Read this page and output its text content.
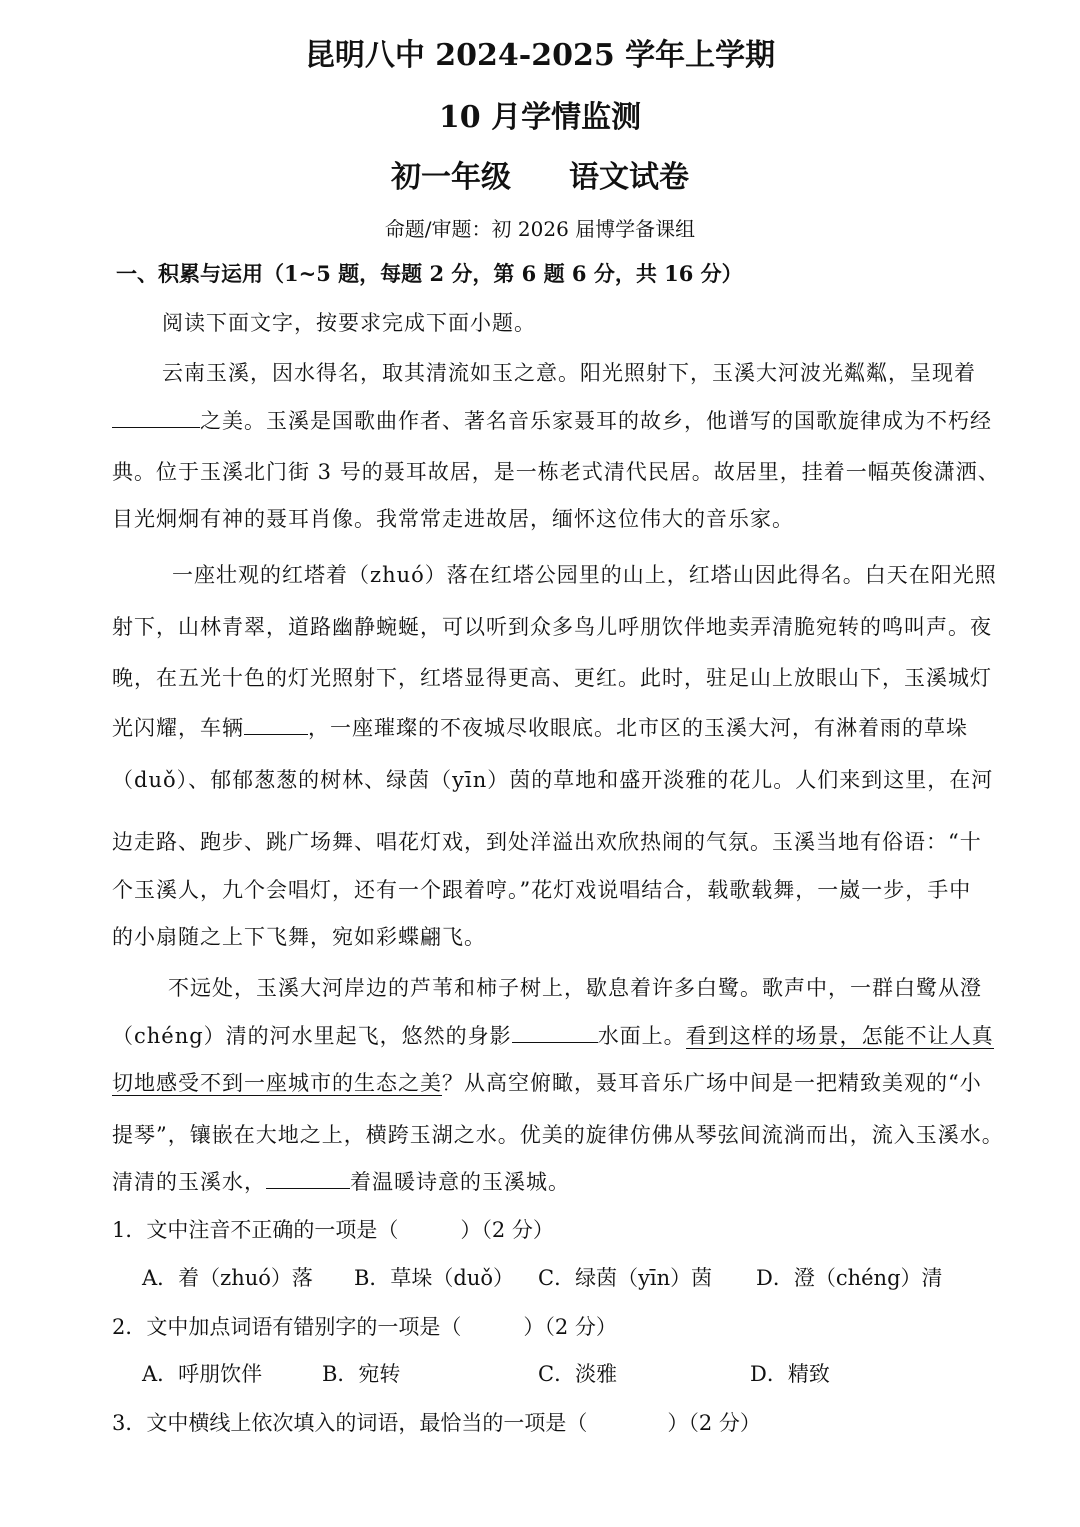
昆明八中 2024-2025 学年上学期
10 月学情监测
初一年级 语文试卷
命题/审题：初 2026 届博学备课组
一、积累与运用（1~5 题，每题 2 分，第 6 题 6 分，共 16 分）
阅读下面文字，按要求完成下面小题。
云南玉溪，因水得名，取其清流如玉之意。阳光照射下，玉溪大河波光粼粼，呈现着
之美。玉溪是国歌曲作者、著名音乐家聂耳的故乡，他谱写的国歌旋律成为不朽经
典。位于玉溪北门街 3 号的聂耳故居，是一栋老式清代民居。故居里，挂着一幅英俊潇洒、
目光炯炯有神的聂耳肖像。我常常走进故居，缅怀这位伟大的音乐家。
一座壮观的红塔着（zhuó）落在红塔公园里的山上，红塔山因此得名。白天在阳光照
射下，山林青翠，道路幽静蜿蜒，可以听到众多鸟儿呼朋饮伴地卖弄清脆宛转的鸣叫声。夜
晚，在五光十色的灯光照射下，红塔显得更高、更红。此时，驻足山上放眼山下，玉溪城灯
光闪耀，车辆	，一座璀璨的不夜城尽收眼底。北市区的玉溪大河，有淋着雨的草垛
（duǒ）、郁郁葱葱的树林、绿茵（yīn）茵的草地和盛开淡雅的花儿。人们来到这里，在河
边走路、跑步、跳广场舞、唱花灯戏，到处洋溢出欢欣热闹的气氛。玉溪当地有俗语：“十
个玉溪人，九个会唱灯，还有一个跟着哼。”花灯戏说唱结合，载歌载舞，一崴一步，手中
的小扇随之上下飞舞，宛如彩蝶翩飞。
不远处，玉溪大河岸边的芦苇和柿子树上，歇息着许多白鹭。歌声中，一群白鹭从澄
（chéng）清的河水里起飞，悠然的身影	水面上。看到这样的场景，怎能不让人真
切地感受不到一座城市的生态之美？从高空俯瞰，聂耳音乐广场中间是一把精致美观的“小
提琴”，镶嵌在大地之上，横跨玉湖之水。优美的旋律仿佛从琴弦间流淌而出，流入玉溪水。
清清的玉溪水，	着温暖诗意的玉溪城。
1．文中注音不正确的一项是（	）（2 分）
A．着（zhuó）落 B．草垛（duǒ） C．绿茵（yīn）茵 D．澄（chéng）清
2．文中加点词语有错别字的一项是（	）（2 分）
A．呼朋饮伴	B．宛转	C．淡雅	D．精致
3．文中横线上依次填入的词语，最恰当的一项是（	）（2 分）
